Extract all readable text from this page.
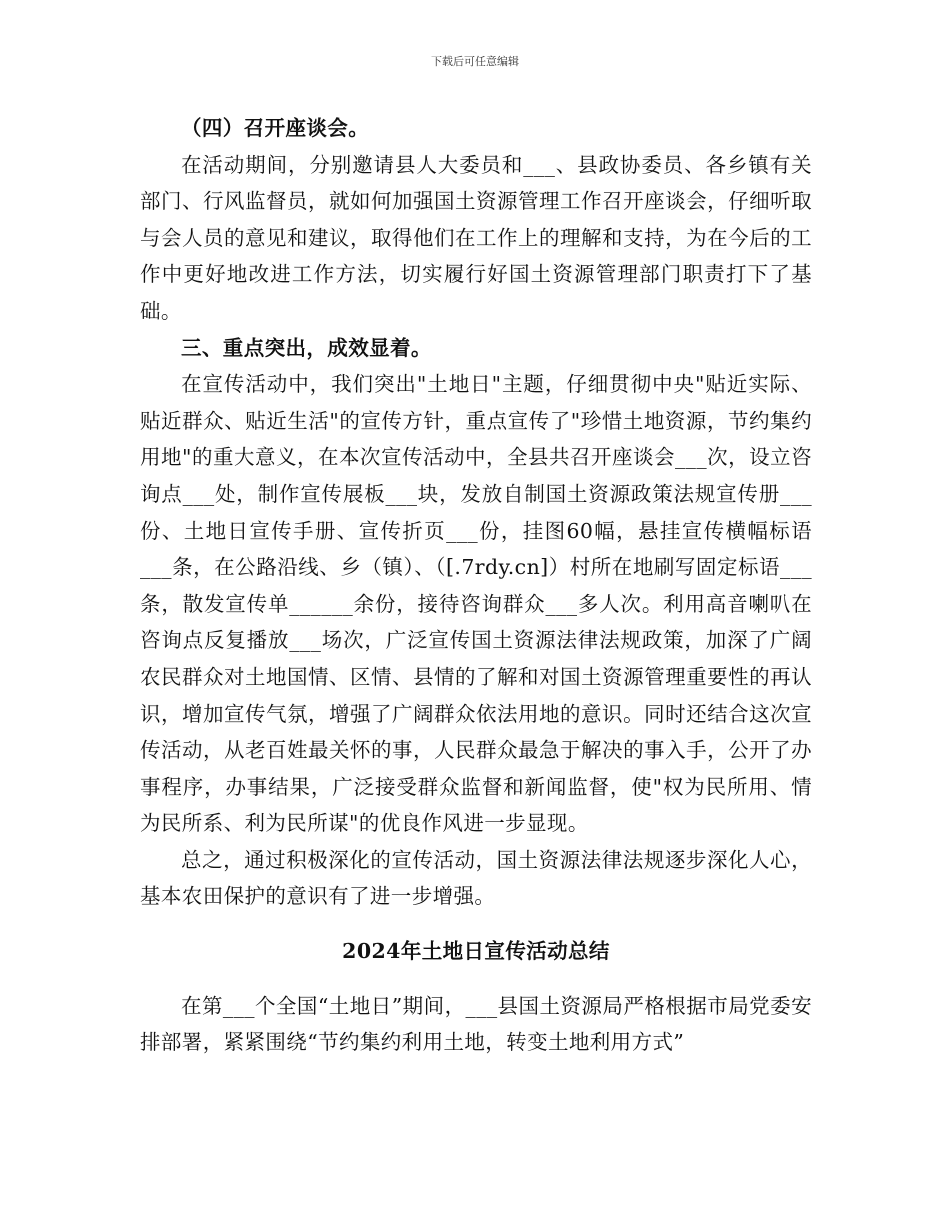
下载后可任意编辑

（四）召开座谈会。

在活动期间，分别邀请县人大委员和___、县政协委员、各乡镇有关部门、行风监督员，就如何加强国土资源管理工作召开座谈会，仔细听取与会人员的意见和建议，取得他们在工作上的理解和支持，为在今后的工作中更好地改进工作方法，切实履行好国土资源管理部门职责打下了基础。

三、重点突出，成效显着。

在宣传活动中，我们突出"土地日"主题，仔细贯彻中央"贴近实际、贴近群众、贴近生活"的宣传方针，重点宣传了"珍惜土地资源，节约集约用地"的重大意义，在本次宣传活动中，全县共召开座谈会___次，设立咨询点___处，制作宣传展板___块，发放自制国土资源政策法规宣传册___份、土地日宣传手册、宣传折页___份，挂图60幅，悬挂宣传横幅标语___条，在公路沿线、乡（镇）、（[.7rdy.cn]）村所在地刷写固定标语___条，散发宣传单______余份，接待咨询群众___多人次。利用高音喇叭在咨询点反复播放___场次，广泛宣传国土资源法律法规政策，加深了广阔农民群众对土地国情、区情、县情的了解和对国土资源管理重要性的再认识，增加宣传气氛，增强了广阔群众依法用地的意识。同时还结合这次宣传活动，从老百姓最关怀的事，人民群众最急于解决的事入手，公开了办事程序，办事结果，广泛接受群众监督和新闻监督，使"权为民所用、情为民所系、利为民所谋"的优良作风进一步显现。

总之，通过积极深化的宣传活动，国土资源法律法规逐步深化人心，基本农田保护的意识有了进一步增强。

2024年土地日宣传活动总结

在第___个全国“土地日”期间，___县国土资源局严格根据市局党委安排部署，紧紧围绕“节约集约利用土地，转变土地利用方式”
